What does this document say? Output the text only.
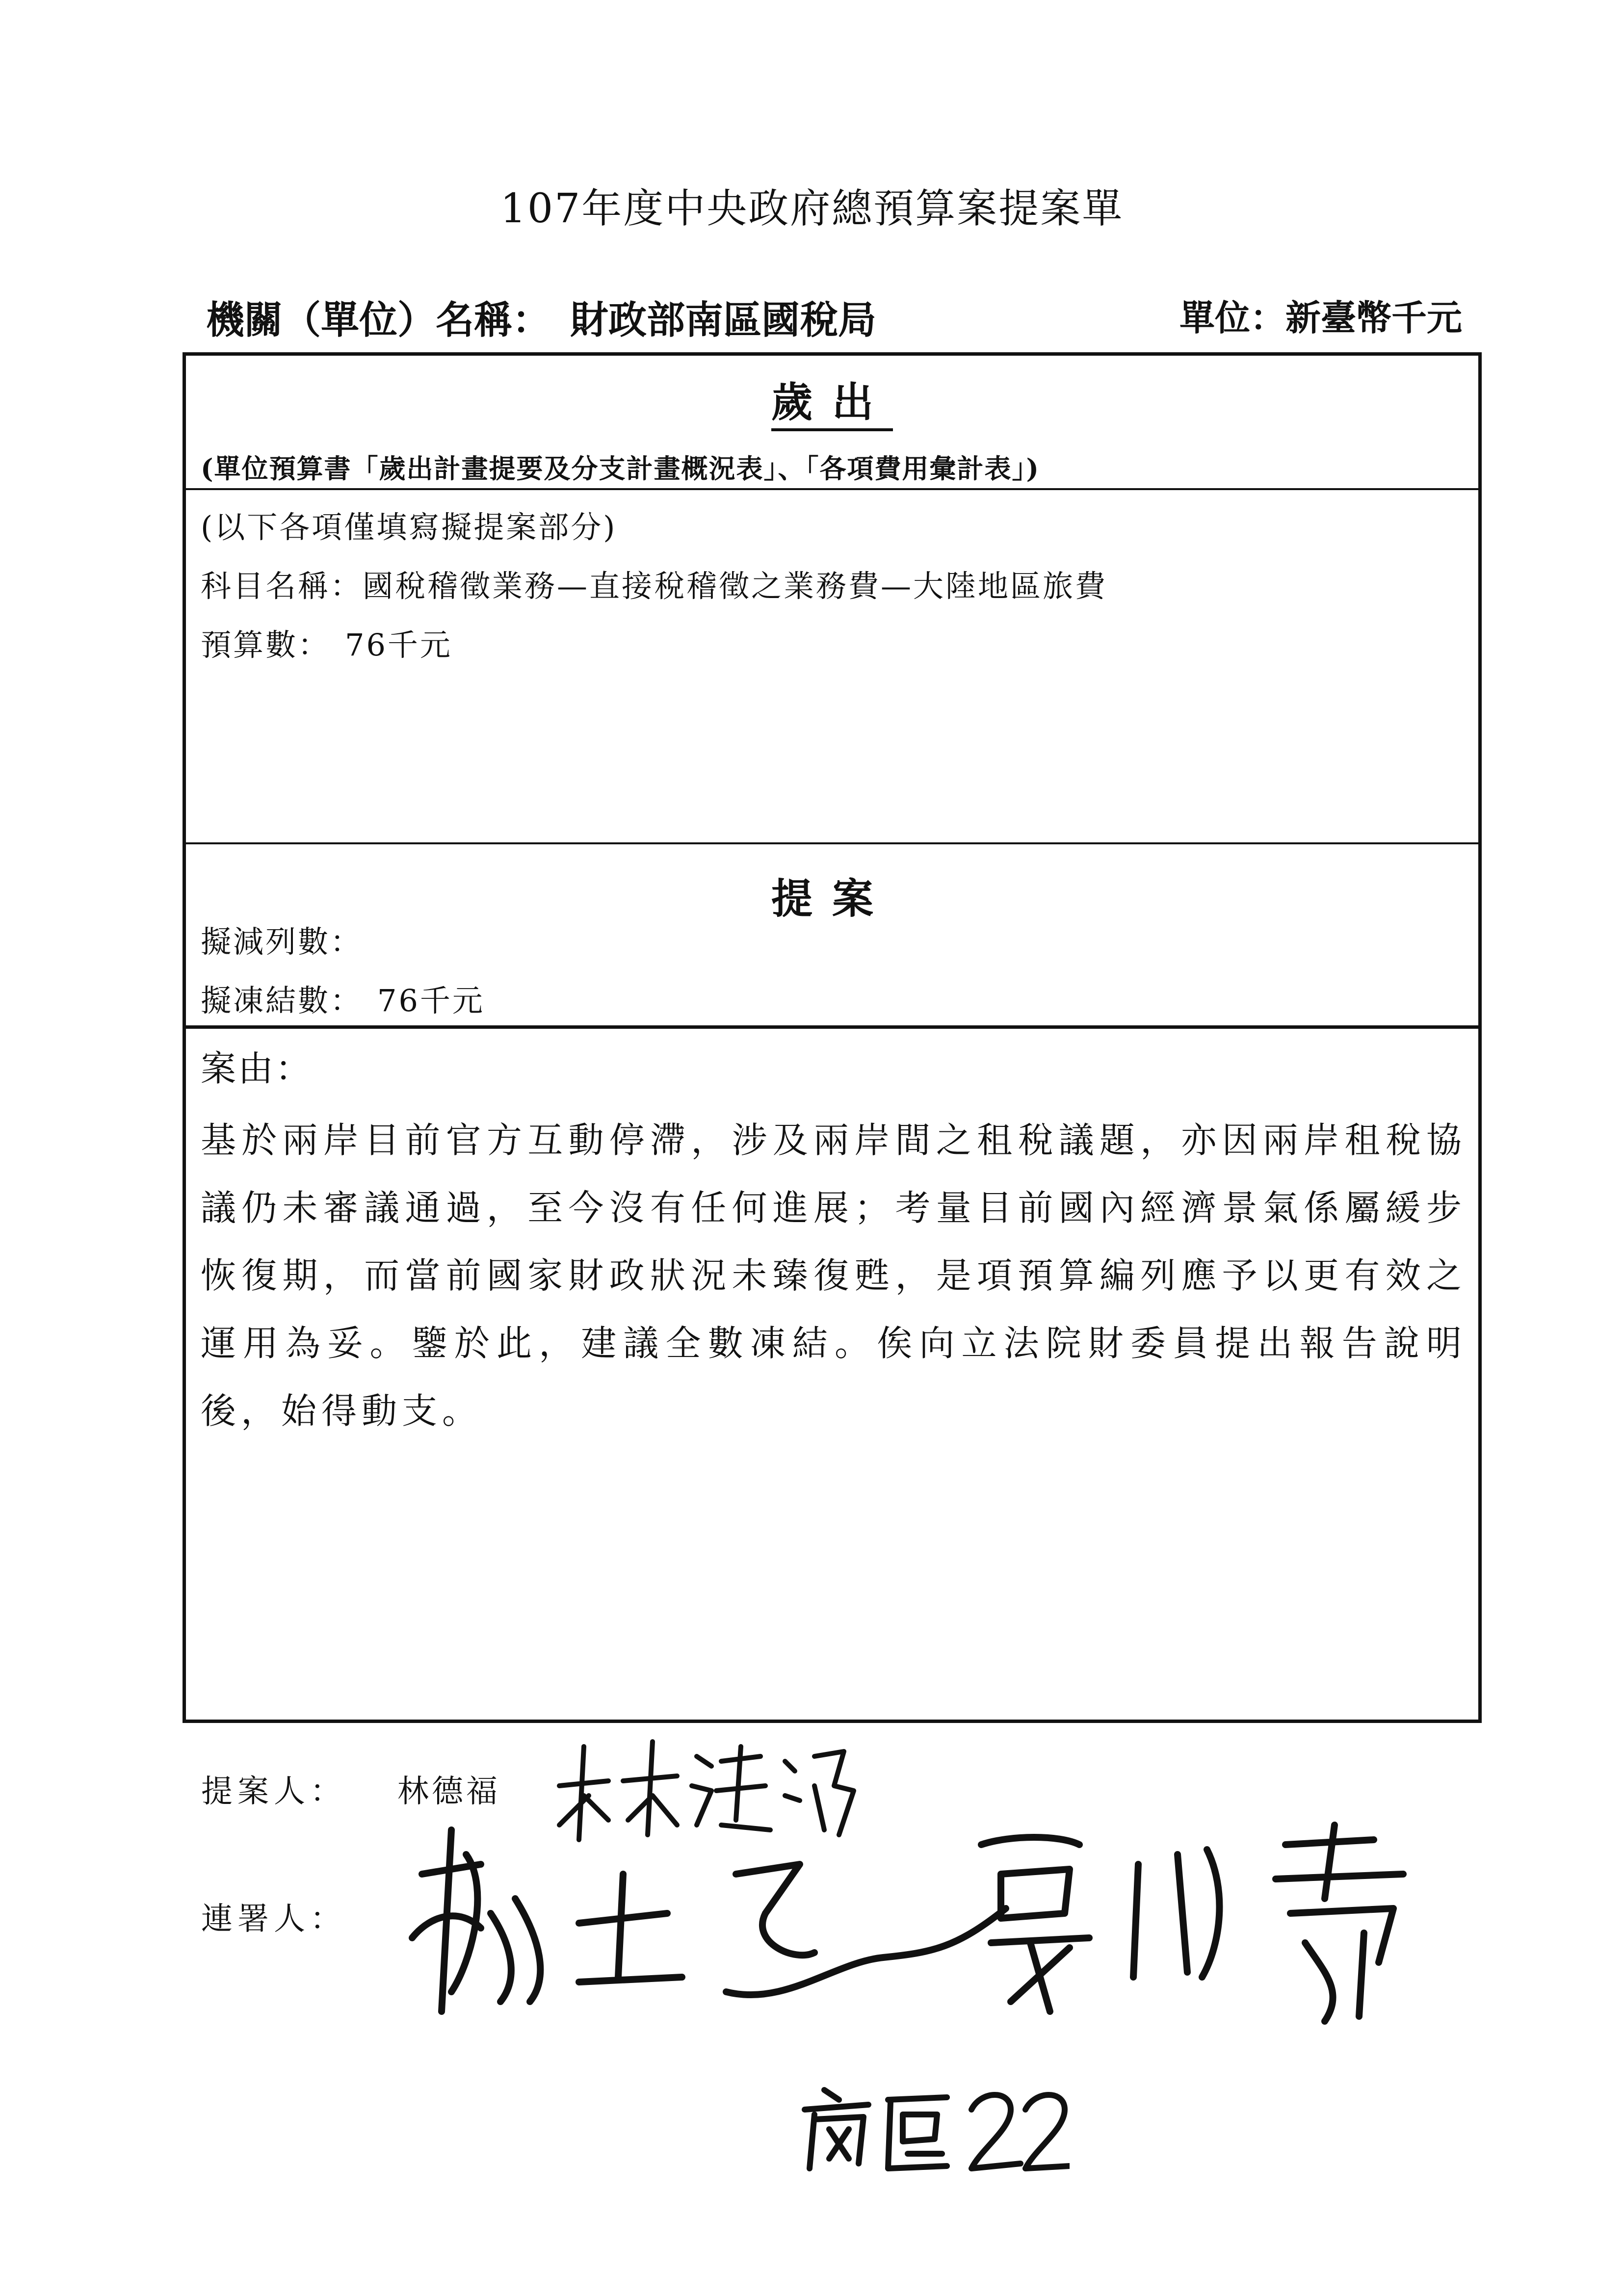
107年度中央政府總預算案提案單
機關（單位）名稱： 財政部南區國稅局	單位：新臺幣千元
歲出
(單位預算書「歲出計畫提要及分支計畫概況表」、「各項費用彙計表」)
(以下各項僅填寫擬提案部分)
科目名稱：國稅稽徵業務—直接稅稽徵之業務費—大陸地區旅費
預算數： 76千元
提案
擬減列數：
擬凍結數： 76千元
案由：
基於兩岸目前官方互動停滯，涉及兩岸間之租稅議題，亦因兩岸租稅協議仍未審議通過，至今沒有任何進展；考量目前國內經濟景氣係屬緩步恢復期，而當前國家財政狀況未臻復甦，是項預算編列應予以更有效之運用為妥。鑒於此，建議全數凍結。俟向立法院財委員提出報告說明後，始得動支。
提案人： 林德福
連署人：
